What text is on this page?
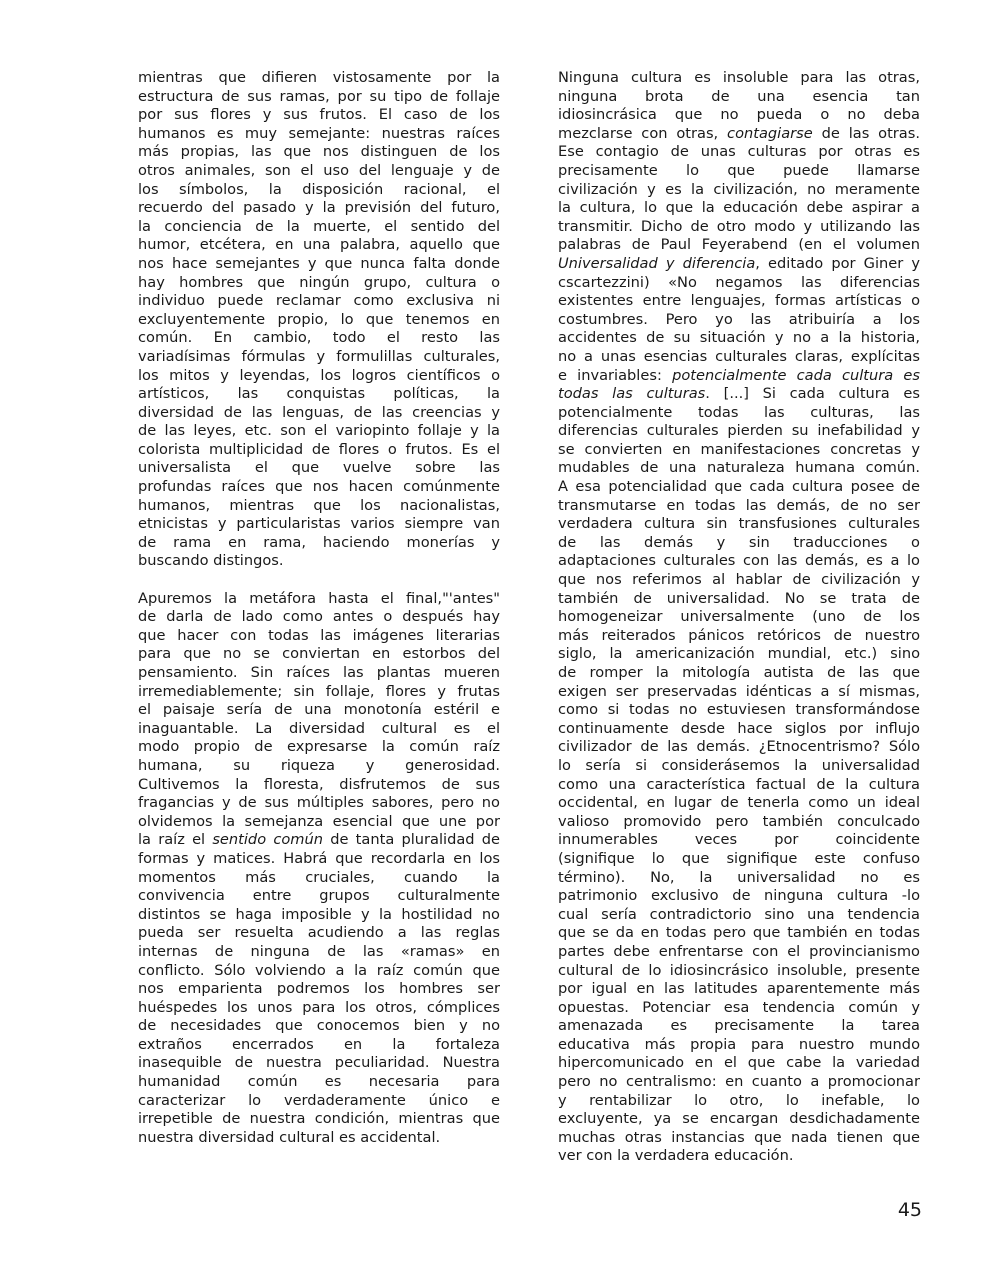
mientras que difieren vistosamente por la
estructura de sus ramas, por su tipo de follaje
por sus flores y sus frutos. El caso de los
humanos es muy semejante: nuestras raíces
más propias, las que nos distinguen de los
otros animales, son el uso del lenguaje y de
los símbolos, la disposición racional, el
recuerdo del pasado y la previsión del futuro,
la conciencia de la muerte, el sentido del
humor, etcétera, en una palabra, aquello que
nos hace semejantes y que nunca falta donde
hay hombres que ningún grupo, cultura o
individuo puede reclamar como exclusiva ni
excluyentemente propio, lo que tenemos en
común. En cambio, todo el resto las
variadísimas fórmulas y formulillas culturales,
los mitos y leyendas, los logros científicos o
artísticos, las conquistas políticas, la
diversidad de las lenguas, de las creencias y
de las leyes, etc. son el variopinto follaje y la
colorista multiplicidad de flores o frutos. Es el
universalista el que vuelve sobre las
profundas raíces que nos hacen comúnmente
humanos, mientras que los nacionalistas,
etnicistas y particularistas varios siempre van
de rama en rama, haciendo monerías y
buscando distingos.

Apuremos la metáfora hasta el final,"'antes"
de darla de lado como antes o después hay
que hacer con todas las imágenes literarias
para que no se conviertan en estorbos del
pensamiento. Sin raíces las plantas mueren
irremediablemente; sin follaje, flores y frutas
el paisaje sería de una monotonía estéril e
inaguantable. La diversidad cultural es el
modo propio de expresarse la común raíz
humana, su riqueza y generosidad.
Cultivemos la floresta, disfrutemos de sus
fragancias y de sus múltiples sabores, pero no
olvidemos la semejanza esencial que une por
la raíz el sentido común de tanta pluralidad de
formas y matices. Habrá que recordarla en los
momentos más cruciales, cuando la
convivencia entre grupos culturalmente
distintos se haga imposible y la hostilidad no
pueda ser resuelta acudiendo a las reglas
internas de ninguna de las «ramas» en
conflicto. Sólo volviendo a la raíz común que
nos emparienta podremos los hombres ser
huéspedes los unos para los otros, cómplices
de necesidades que conocemos bien y no
extraños encerrados en la fortaleza
inasequible de nuestra peculiaridad. Nuestra
humanidad común es necesaria para
caracterizar lo verdaderamente único e
irrepetible de nuestra condición, mientras que
nuestra diversidad cultural es accidental.

Ninguna cultura es insoluble para las otras,
ninguna brota de una esencia tan
idiosincrásica que no pueda o no deba
mezclarse con otras, contagiarse de las otras.
Ese contagio de unas culturas por otras es
precisamente lo que puede llamarse
civilización y es la civilización, no meramente
la cultura, lo que la educación debe aspirar a
transmitir. Dicho de otro modo y utilizando las
palabras de Paul Feyerabend (en el volumen
Universalidad y diferencia, editado por Giner y
cscartezzini) «No negamos las diferencias
existentes entre lenguajes, formas artísticas o
costumbres. Pero yo las atribuiría a los
accidentes de su situación y no a la historia,
no a unas esencias culturales claras, explícitas
e invariables: potencialmente cada cultura es
todas las culturas. [...] Si cada cultura es
potencialmente todas las culturas, las
diferencias culturales pierden su inefabilidad y
se convierten en manifestaciones concretas y
mudables de una naturaleza humana común.
A esa potencialidad que cada cultura posee de
transmutarse en todas las demás, de no ser
verdadera cultura sin transfusiones culturales
de las demás y sin traducciones o
adaptaciones culturales con las demás, es a lo
que nos referimos al hablar de civilización y
también de universalidad. No se trata de
homogeneizar universalmente (uno de los
más reiterados pánicos retóricos de nuestro
siglo, la americanización mundial, etc.) sino
de romper la mitología autista de las que
exigen ser preservadas idénticas a sí mismas,
como si todas no estuviesen transformándose
continuamente desde hace siglos por influjo
civilizador de las demás. ¿Etnocentrismo? Sólo
lo sería si considerásemos la universalidad
como una característica factual de la cultura
occidental, en lugar de tenerla como un ideal
valioso promovido pero también conculcado
innumerables veces por coincidente
(signifique lo que signifique este confuso
término). No, la universalidad no es
patrimonio exclusivo de ninguna cultura -lo
cual sería contradictorio sino una tendencia
que se da en todas pero que también en todas
partes debe enfrentarse con el provincianismo
cultural de lo idiosincrásico insoluble, presente
por igual en las latitudes aparentemente más
opuestas. Potenciar esa tendencia común y
amenazada es precisamente la tarea
educativa más propia para nuestro mundo
hipercomunicado en el que cabe la variedad
pero no centralismo: en cuanto a promocionar
y rentabilizar lo otro, lo inefable, lo
excluyente, ya se encargan desdichadamente
muchas otras instancias que nada tienen que
ver con la verdadera educación.

45
